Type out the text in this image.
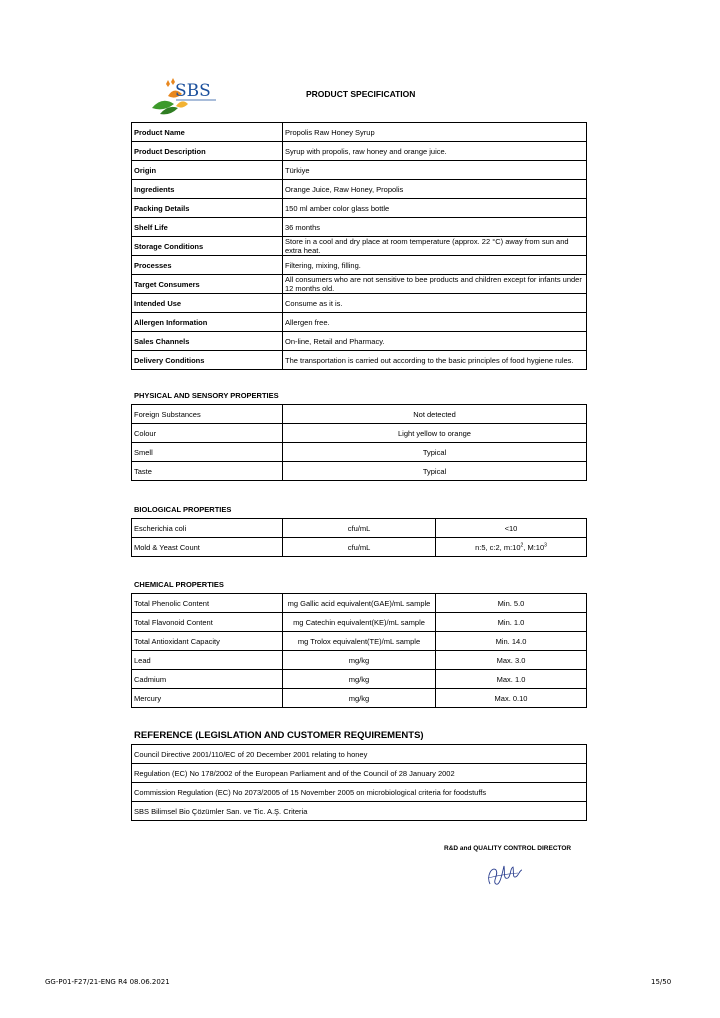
SBS	PRODUCT SPECIFICATION
Product Name	Propolis Raw Honey Syrup
Product Description	Syrup with propolis, raw honey and orange juice.
Origin	Türkiye
Ingredients	Orange Juice, Raw Honey, Propolis
Packing Details	150 ml amber color glass bottle
Shelf Life	36 months
Storage Conditions	Store in a cool and dry place at room temperature (approx. 22 °C) away from sun and extra heat.
Processes	Filtering, mixing, filling.
Target Consumers	All consumers who are not sensitive to bee products and children except for infants under 12 months old.
Intended Use	Consume as it is.
Allergen Information	Allergen free.
Sales Channels	On-line, Retail and Pharmacy.
Delivery Conditions	The transportation is carried out according to the basic principles of food hygiene rules.
PHYSICAL AND SENSORY PROPERTIES
Foreign Substances	Not detected
Colour	Light yellow to orange
Smell	Typical
Taste	Typical
BIOLOGICAL PROPERTIES
Escherichia coli	cfu/mL	<10
Mold & Yeast Count	cfu/mL	n:5, c:2, $m:10^2$, $M:10^3$
CHEMICAL PROPERTIES
Total Phenolic Content	mg Gallic acid equivalent(GAE)/mL sample	Min. 5.0
Total Flavonoid Content	mg Catechin equivalent(KE)/mL sample	Min. 1.0
Total Antioxidant Capacity	mg Trolox equivalent(TE)/mL sample	Min. 14.0
Lead	mg/kg	Max. 3.0
Cadmium	mg/kg	Max. 1.0
Mercury	mg/kg	Max. 0.10
REFERENCE (LEGISLATION AND CUSTOMER REQUIREMENTS)
Council Directive 2001/110/EC of 20 December 2001 relating to honey
Regulation (EC) No 178/2002 of the European Parliament and of the Council of 28 January 2002
Commission Regulation (EC) No 2073/2005 of 15 November 2005 on microbiological criteria for foodstuffs
SBS Bilimsel Bio Çözümler San. ve Tic. A.Ş. Criteria
R&D and QUALITY CONTROL DIRECTOR
GG-P01-F27/21-ENG R4 08.06.2021	15/50
